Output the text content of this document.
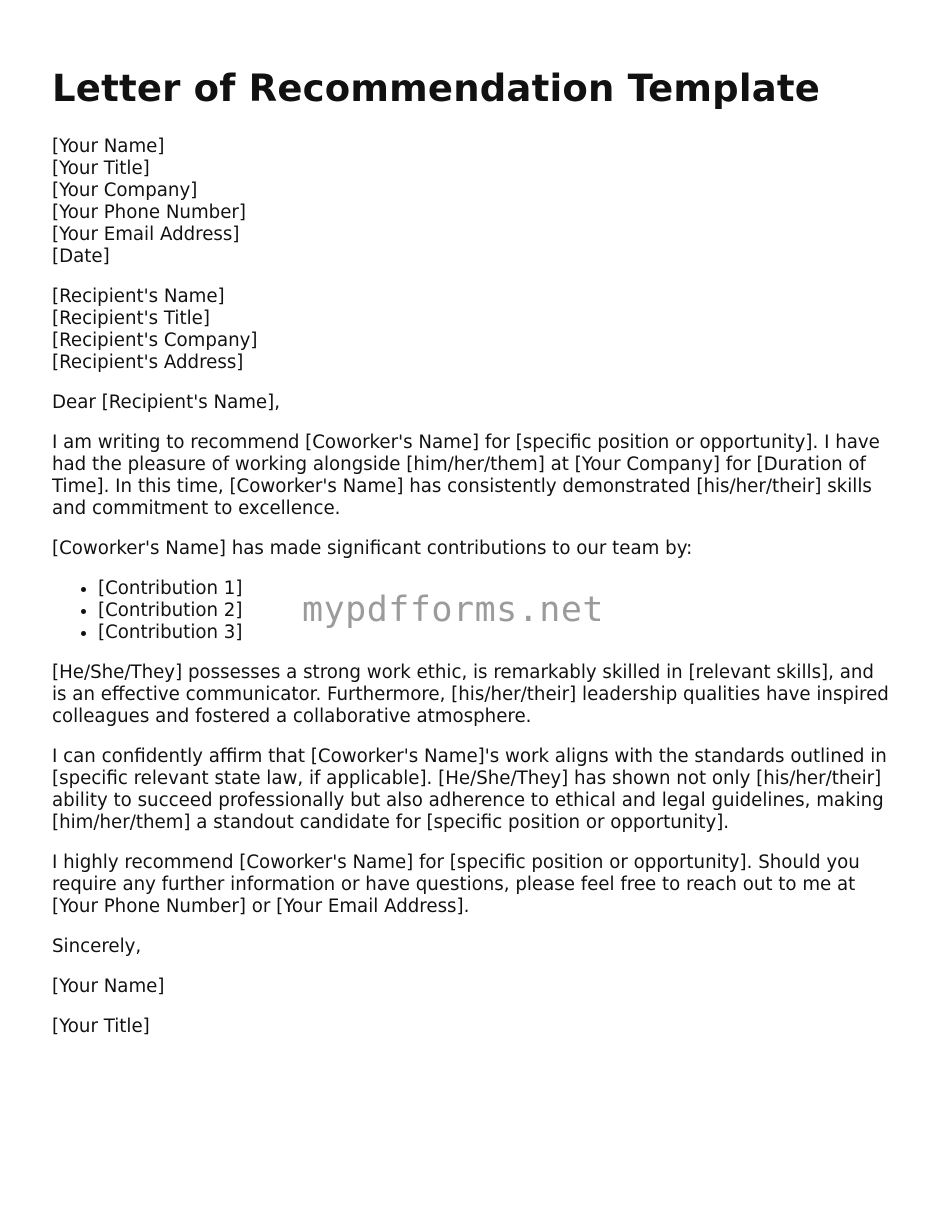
Letter of Recommendation Template
[Your Name]
[Your Title]
[Your Company]
[Your Phone Number]
[Your Email Address]
[Date]
[Recipient's Name]
[Recipient's Title]
[Recipient's Company]
[Recipient's Address]

Dear [Recipient's Name],

I am writing to recommend [Coworker's Name] for [specific position or opportunity]. I have had the pleasure of working alongside [him/her/them] at [Your Company] for [Duration of Time]. In this time, [Coworker's Name] has consistently demonstrated [his/her/their] skills and commitment to excellence.

[Coworker's Name] has made significant contributions to our team by:

• [Contribution 1]
• [Contribution 2]
• [Contribution 3]

[He/She/They] possesses a strong work ethic, is remarkably skilled in [relevant skills], and is an effective communicator. Furthermore, [his/her/their] leadership qualities have inspired colleagues and fostered a collaborative atmosphere.

I can confidently affirm that [Coworker's Name]'s work aligns with the standards outlined in [specific relevant state law, if applicable]. [He/She/They] has shown not only [his/her/their] ability to succeed professionally but also adherence to ethical and legal guidelines, making [him/her/them] a standout candidate for [specific position or opportunity].

I highly recommend [Coworker's Name] for [specific position or opportunity]. Should you require any further information or have questions, please feel free to reach out to me at [Your Phone Number] or [Your Email Address].

Sincerely,

[Your Name]

[Your Title]

mypdfforms.net
